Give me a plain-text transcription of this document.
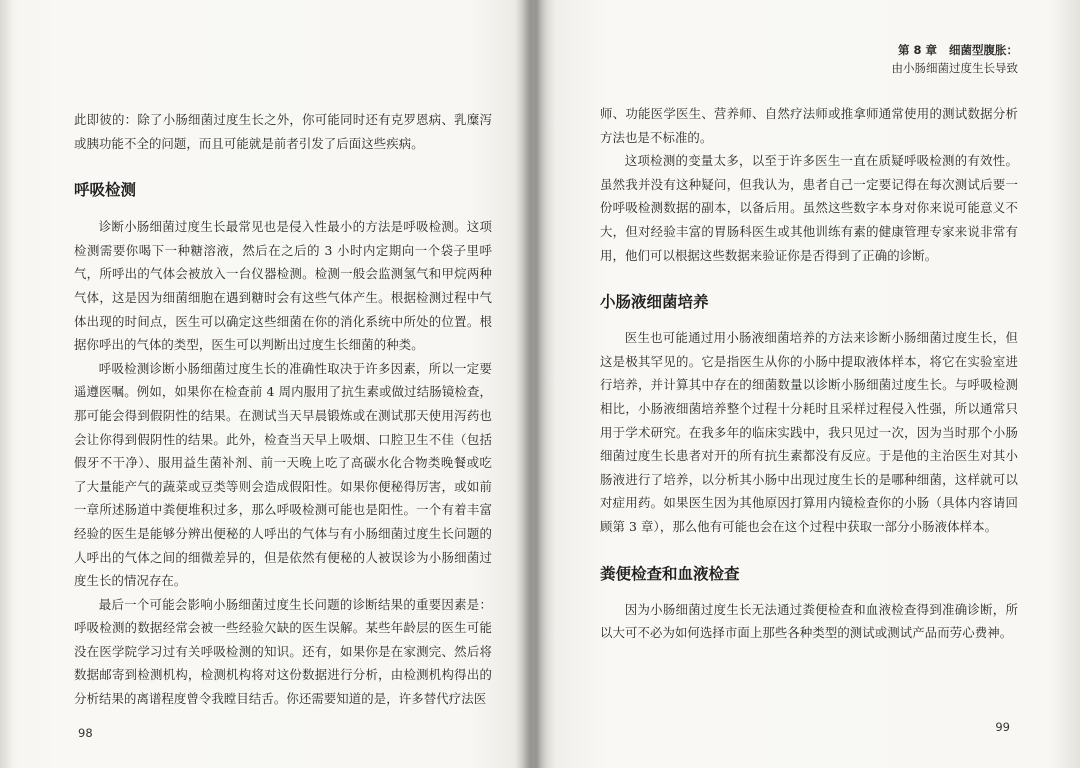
此即彼的：除了小肠细菌过度生长之外，你可能同时还有克罗恩病、乳糜泻或胰功能不全的问题，而且可能就是前者引发了后面这些疾病。

呼吸检测

诊断小肠细菌过度生长最常见也是侵入性最小的方法是呼吸检测。这项检测需要你喝下一种糖溶液，然后在之后的 3 小时内定期向一个袋子里呼气，所呼出的气体会被放入一台仪器检测。检测一般会监测氢气和甲烷两种气体，这是因为细菌细胞在遇到糖时会有这些气体产生。根据检测过程中气体出现的时间点，医生可以确定这些细菌在你的消化系统中所处的位置。根据你呼出的气体的类型，医生可以判断出过度生长细菌的种类。

呼吸检测诊断小肠细菌过度生长的准确性取决于许多因素，所以一定要遥遵医嘱。例如，如果你在检查前 4 周内服用了抗生素或做过结肠镜检查，那可能会得到假阴性的结果。在测试当天早晨锻炼或在测试那天使用泻药也会让你得到假阴性的结果。此外，检查当天早上吸烟、口腔卫生不佳（包括假牙不干净）、服用益生菌补剂、前一天晚上吃了高碳水化合物类晚餐或吃了大量能产气的蔬菜或豆类等则会造成假阳性。如果你便秘得厉害，或如前一章所述肠道中粪便堆积过多，那么呼吸检测可能也是阳性。一个有着丰富经验的医生是能够分辨出便秘的人呼出的气体与有小肠细菌过度生长问题的人呼出的气体之间的细微差异的，但是依然有便秘的人被误诊为小肠细菌过度生长的情况存在。

最后一个可能会影响小肠细菌过度生长问题的诊断结果的重要因素是：呼吸检测的数据经常会被一些经验欠缺的医生误解。某些年龄层的医生可能没在医学院学习过有关呼吸检测的知识。还有，如果你是在家测完、然后将数据邮寄到检测机构，检测机构将对这份数据进行分析，由检测机构得出的分析结果的离谱程度曾令我瞠目结舌。你还需要知道的是，许多替代疗法医

98
第 8 章   细菌型腹胀：
由小肠细菌过度生长导致

师、功能医学医生、营养师、自然疗法师或推拿师通常使用的测试数据分析方法也是不标准的。

这项检测的变量太多，以至于许多医生一直在质疑呼吸检测的有效性。虽然我并没有这种疑问，但我认为，患者自己一定要记得在每次测试后要一份呼吸检测数据的副本，以备后用。虽然这些数字本身对你来说可能意义不大，但对经验丰富的胃肠科医生或其他训练有素的健康管理专家来说非常有用，他们可以根据这些数据来验证你是否得到了正确的诊断。

小肠液细菌培养

医生也可能通过用小肠液细菌培养的方法来诊断小肠细菌过度生长，但这是极其罕见的。它是指医生从你的小肠中提取液体样本，将它在实验室进行培养，并计算其中存在的细菌数量以诊断小肠细菌过度生长。与呼吸检测相比，小肠液细菌培养整个过程十分耗时且采样过程侵入性强，所以通常只用于学术研究。在我多年的临床实践中，我只见过一次，因为当时那个小肠细菌过度生长患者对开的所有抗生素都没有反应。于是他的主治医生对其小肠液进行了培养，以分析其小肠中出现过度生长的是哪种细菌，这样就可以对症用药。如果医生因为其他原因打算用内镜检查你的小肠（具体内容请回顾第 3 章），那么他有可能也会在这个过程中获取一部分小肠液体样本。

粪便检查和血液检查

因为小肠细菌过度生长无法通过粪便检查和血液检查得到准确诊断，所以大可不必为如何选择市面上那些各种类型的测试或测试产品而劳心费神。

99
